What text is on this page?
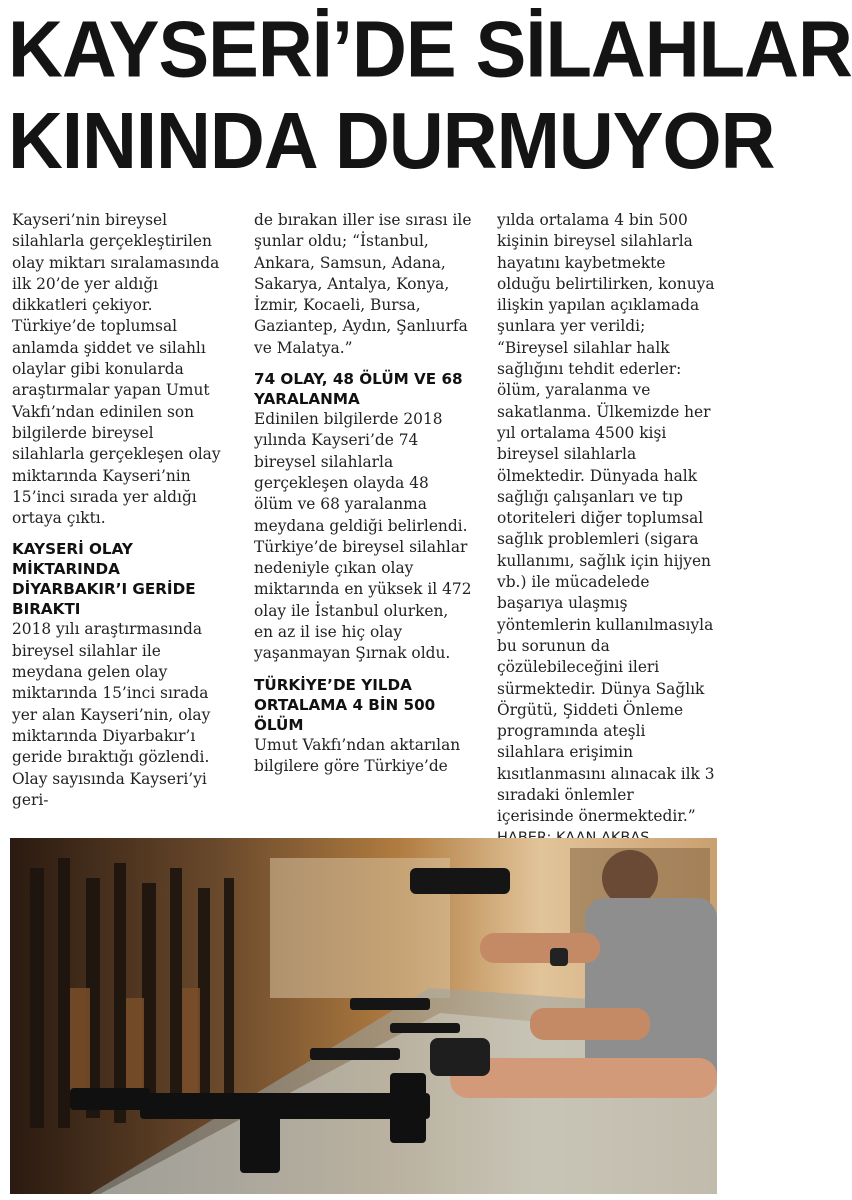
KAYSERİ’DE SİLAHLAR
KININDA DURMUYOR

Kayseri’nin bireysel silahlarla gerçekleştirilen olay miktarı sıralamasında ilk 20’de yer aldığı dikkatleri çekiyor.

Türkiye’de toplumsal anlamda şiddet ve silahlı olaylar gibi konularda araştırmalar yapan Umut Vakfı’ndan edinilen son bilgilerde bireysel silahlarla gerçekleşen olay miktarında Kayseri’nin 15’inci sırada yer aldığı ortaya çıktı.

KAYSERİ OLAY MİKTARINDA DİYARBAKIR’I GERİDE BIRAKTI

2018 yılı araştırmasında bireysel silahlar ile meydana gelen olay miktarında 15’inci sırada yer alan Kayseri’nin, olay miktarında Diyarbakır’ı geride bıraktığı gözlendi. Olay sayısında Kayseri’yi geri-

de bırakan iller ise sırası ile şunlar oldu; “İstanbul, Ankara, Samsun, Adana, Sakarya, Antalya, Konya, İzmir, Kocaeli, Bursa, Gaziantep, Aydın, Şanlıurfa ve Malatya.”

74 OLAY, 48 ÖLÜM VE 68 YARALANMA

Edinilen bilgilerde 2018 yılında Kayseri’de 74 bireysel silahlarla gerçekleşen olayda 48 ölüm ve 68 yaralanma meydana geldiği belirlendi. Türkiye’de bireysel silahlar nedeniyle çıkan olay miktarında en yüksek il 472 olay ile İstanbul olurken, en az il ise hiç olay yaşanmayan Şırnak oldu.

TÜRKİYE’DE YILDA ORTALAMA 4 BİN 500 ÖLÜM

Umut Vakfı’ndan aktarılan bilgilere göre Türkiye’de

yılda ortalama 4 bin 500 kişinin bireysel silahlarla hayatını kaybetmekte olduğu belirtilirken, konuya ilişkin yapılan açıklamada şunlara yer verildi; “Bireysel silahlar halk sağlığını tehdit ederler: ölüm, yaralanma ve sakatlanma. Ülkemizde her yıl ortalama 4500 kişi bireysel silahlarla ölmektedir. Dünyada halk sağlığı çalışanları ve tıp otoriteleri diğer toplumsal sağlık problemleri (sigara kullanımı, sağlık için hijyen vb.) ile mücadelede başarıya ulaşmış yöntemlerin kullanılmasıyla bu sorunun da çözülebileceğini ileri sürmektedir. Dünya Sağlık Örgütü, Şiddeti Önleme programında ateşli silahlara erişimin kısıtlanmasını alınacak ilk 3 sıradaki önlemler içerisinde önermektedir.”
